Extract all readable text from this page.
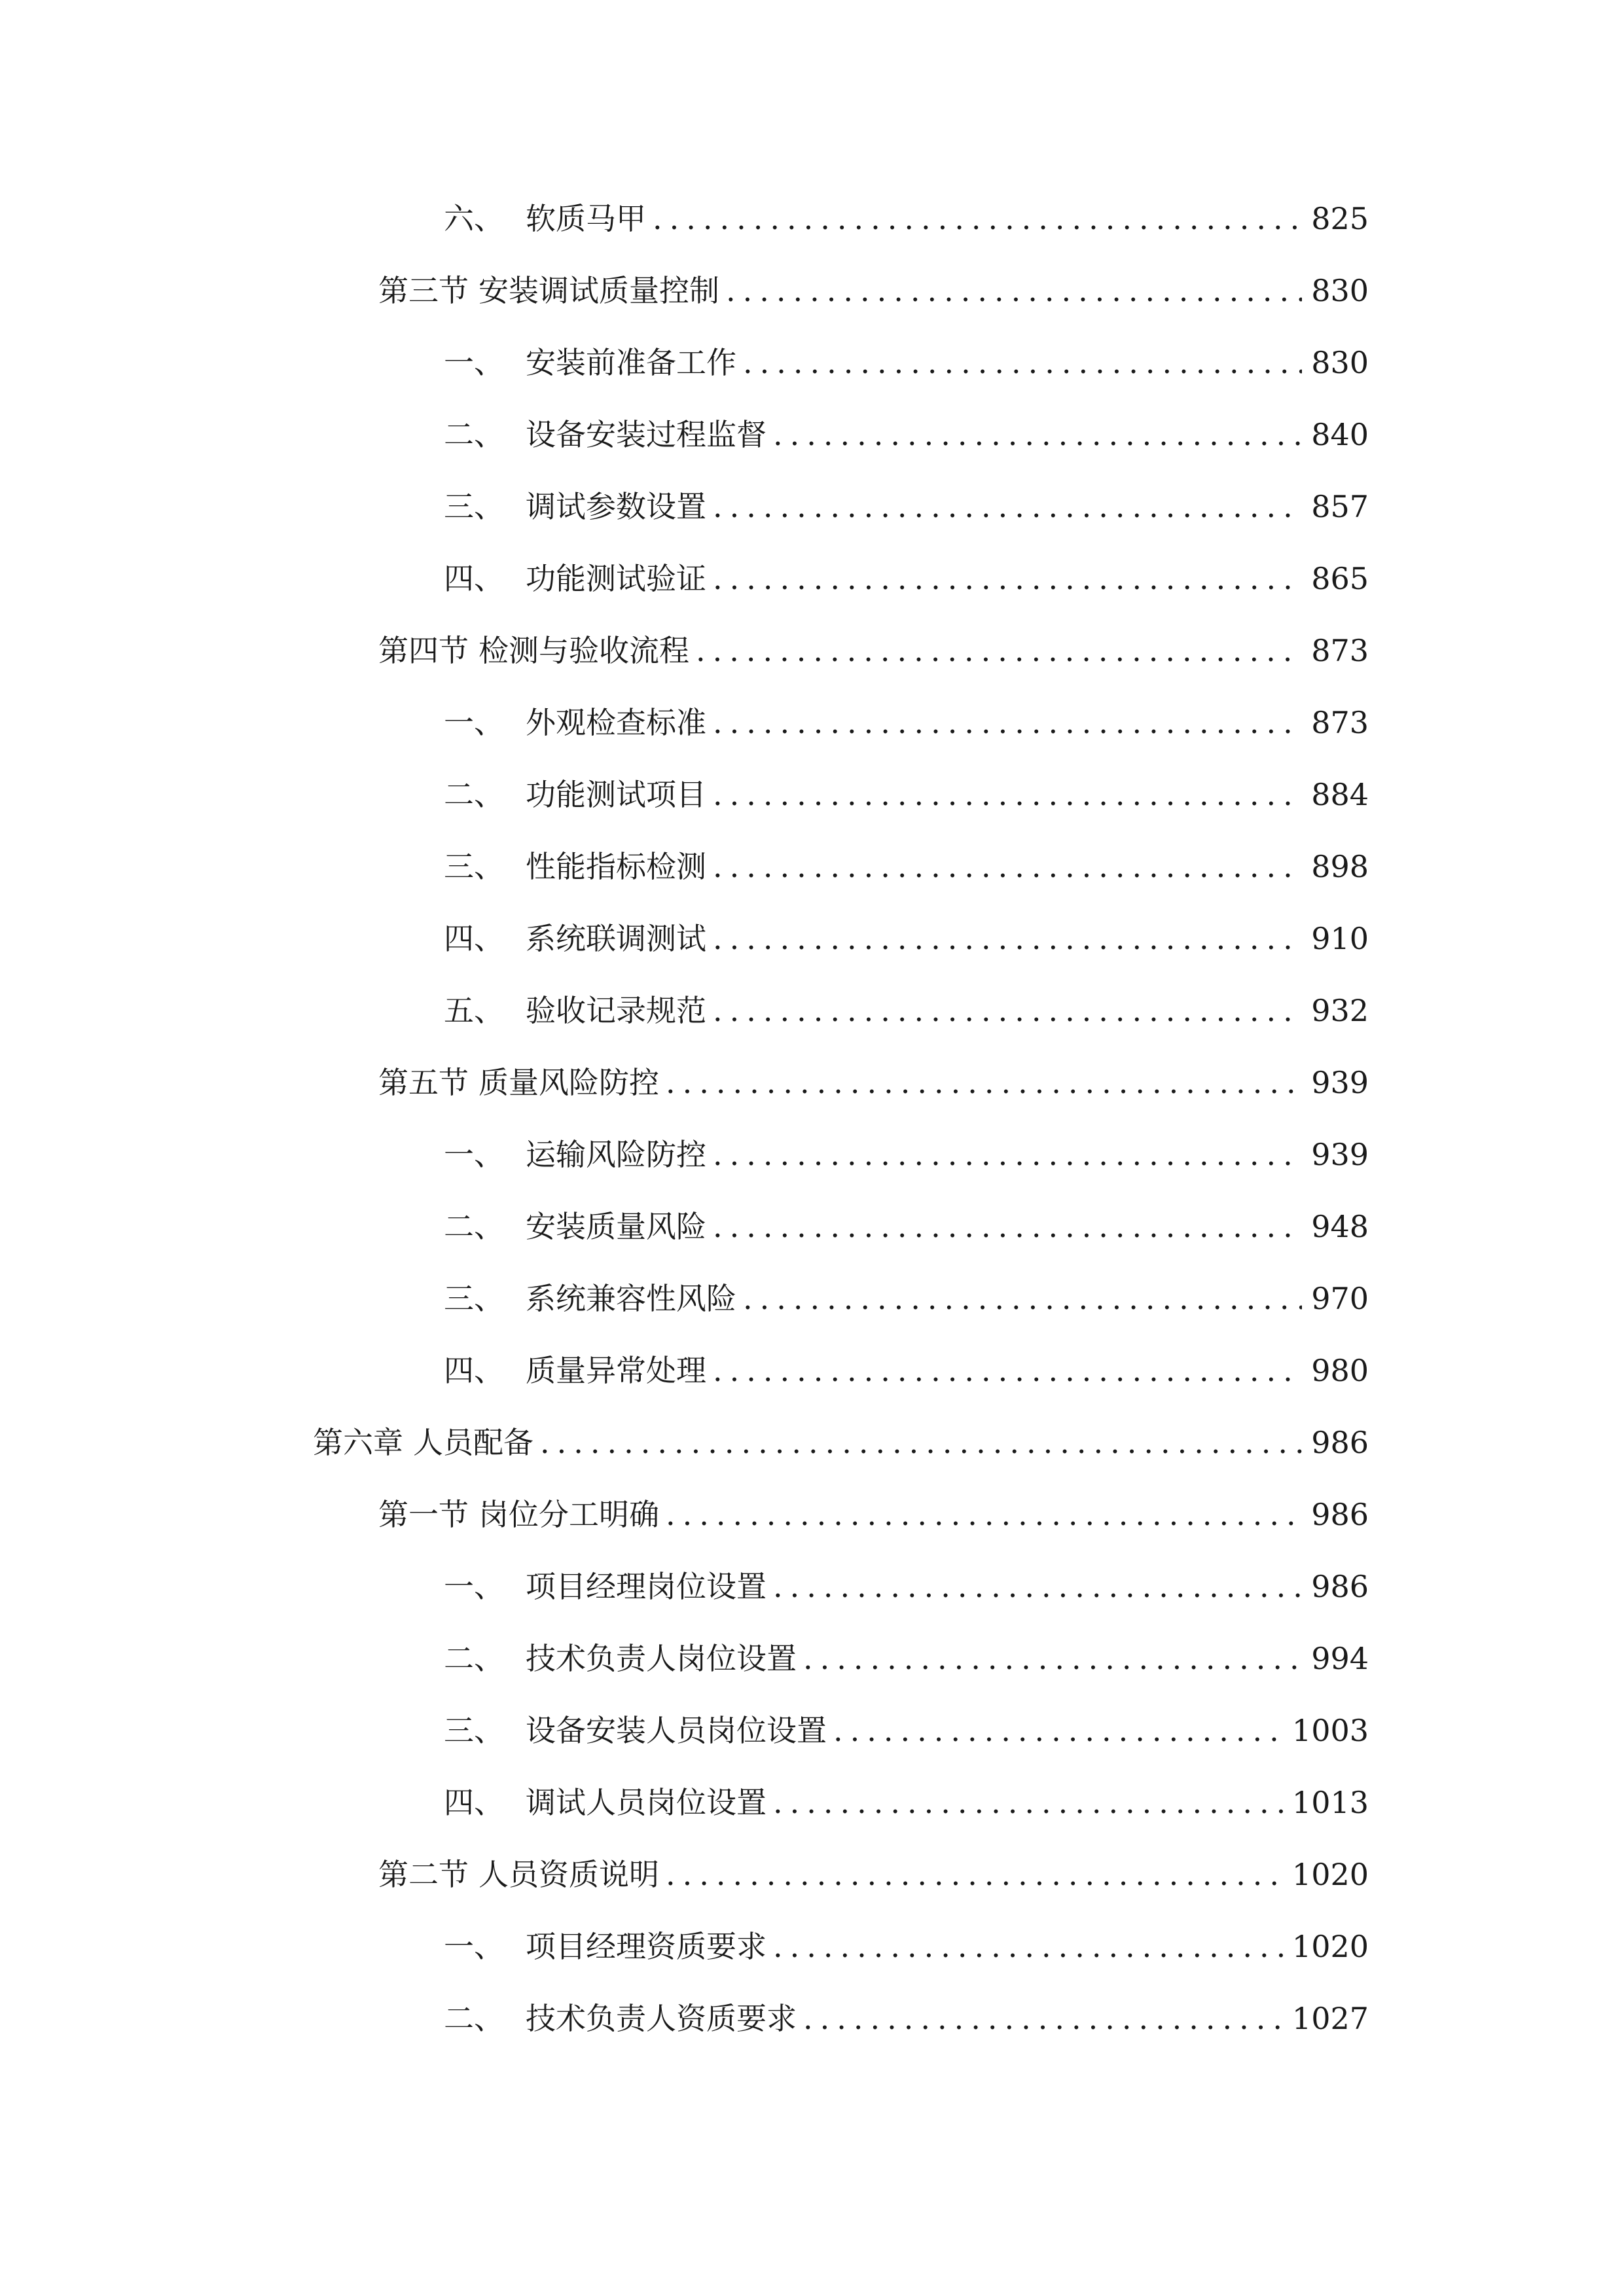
六、 软质马甲 .....	825
第三节 安装调试质量控制 .....	830
一、 安装前准备工作 .....	830
二、 设备安装过程监督 .....	840
三、 调试参数设置 .....	857
四、 功能测试验证 .....	865
第四节 检测与验收流程 .....	873
一、 外观检查标准 .....	873
二、 功能测试项目 .....	884
三、 性能指标检测 .....	898
四、 系统联调测试 .....	910
五、 验收记录规范 .....	932
第五节 质量风险防控 .....	939
一、 运输风险防控 .....	939
二、 安装质量风险 .....	948
三、 系统兼容性风险 .....	970
四、 质量异常处理 .....	980
第六章 人员配备 .....	986
第一节 岗位分工明确 .....	986
一、 项目经理岗位设置 .....	986
二、 技术负责人岗位设置 .....	994
三、 设备安装人员岗位设置 .....	1003
四、 调试人员岗位设置 .....	1013
第二节 人员资质说明 .....	1020
一、 项目经理资质要求 .....	1020
二、 技术负责人资质要求 .....	1027
